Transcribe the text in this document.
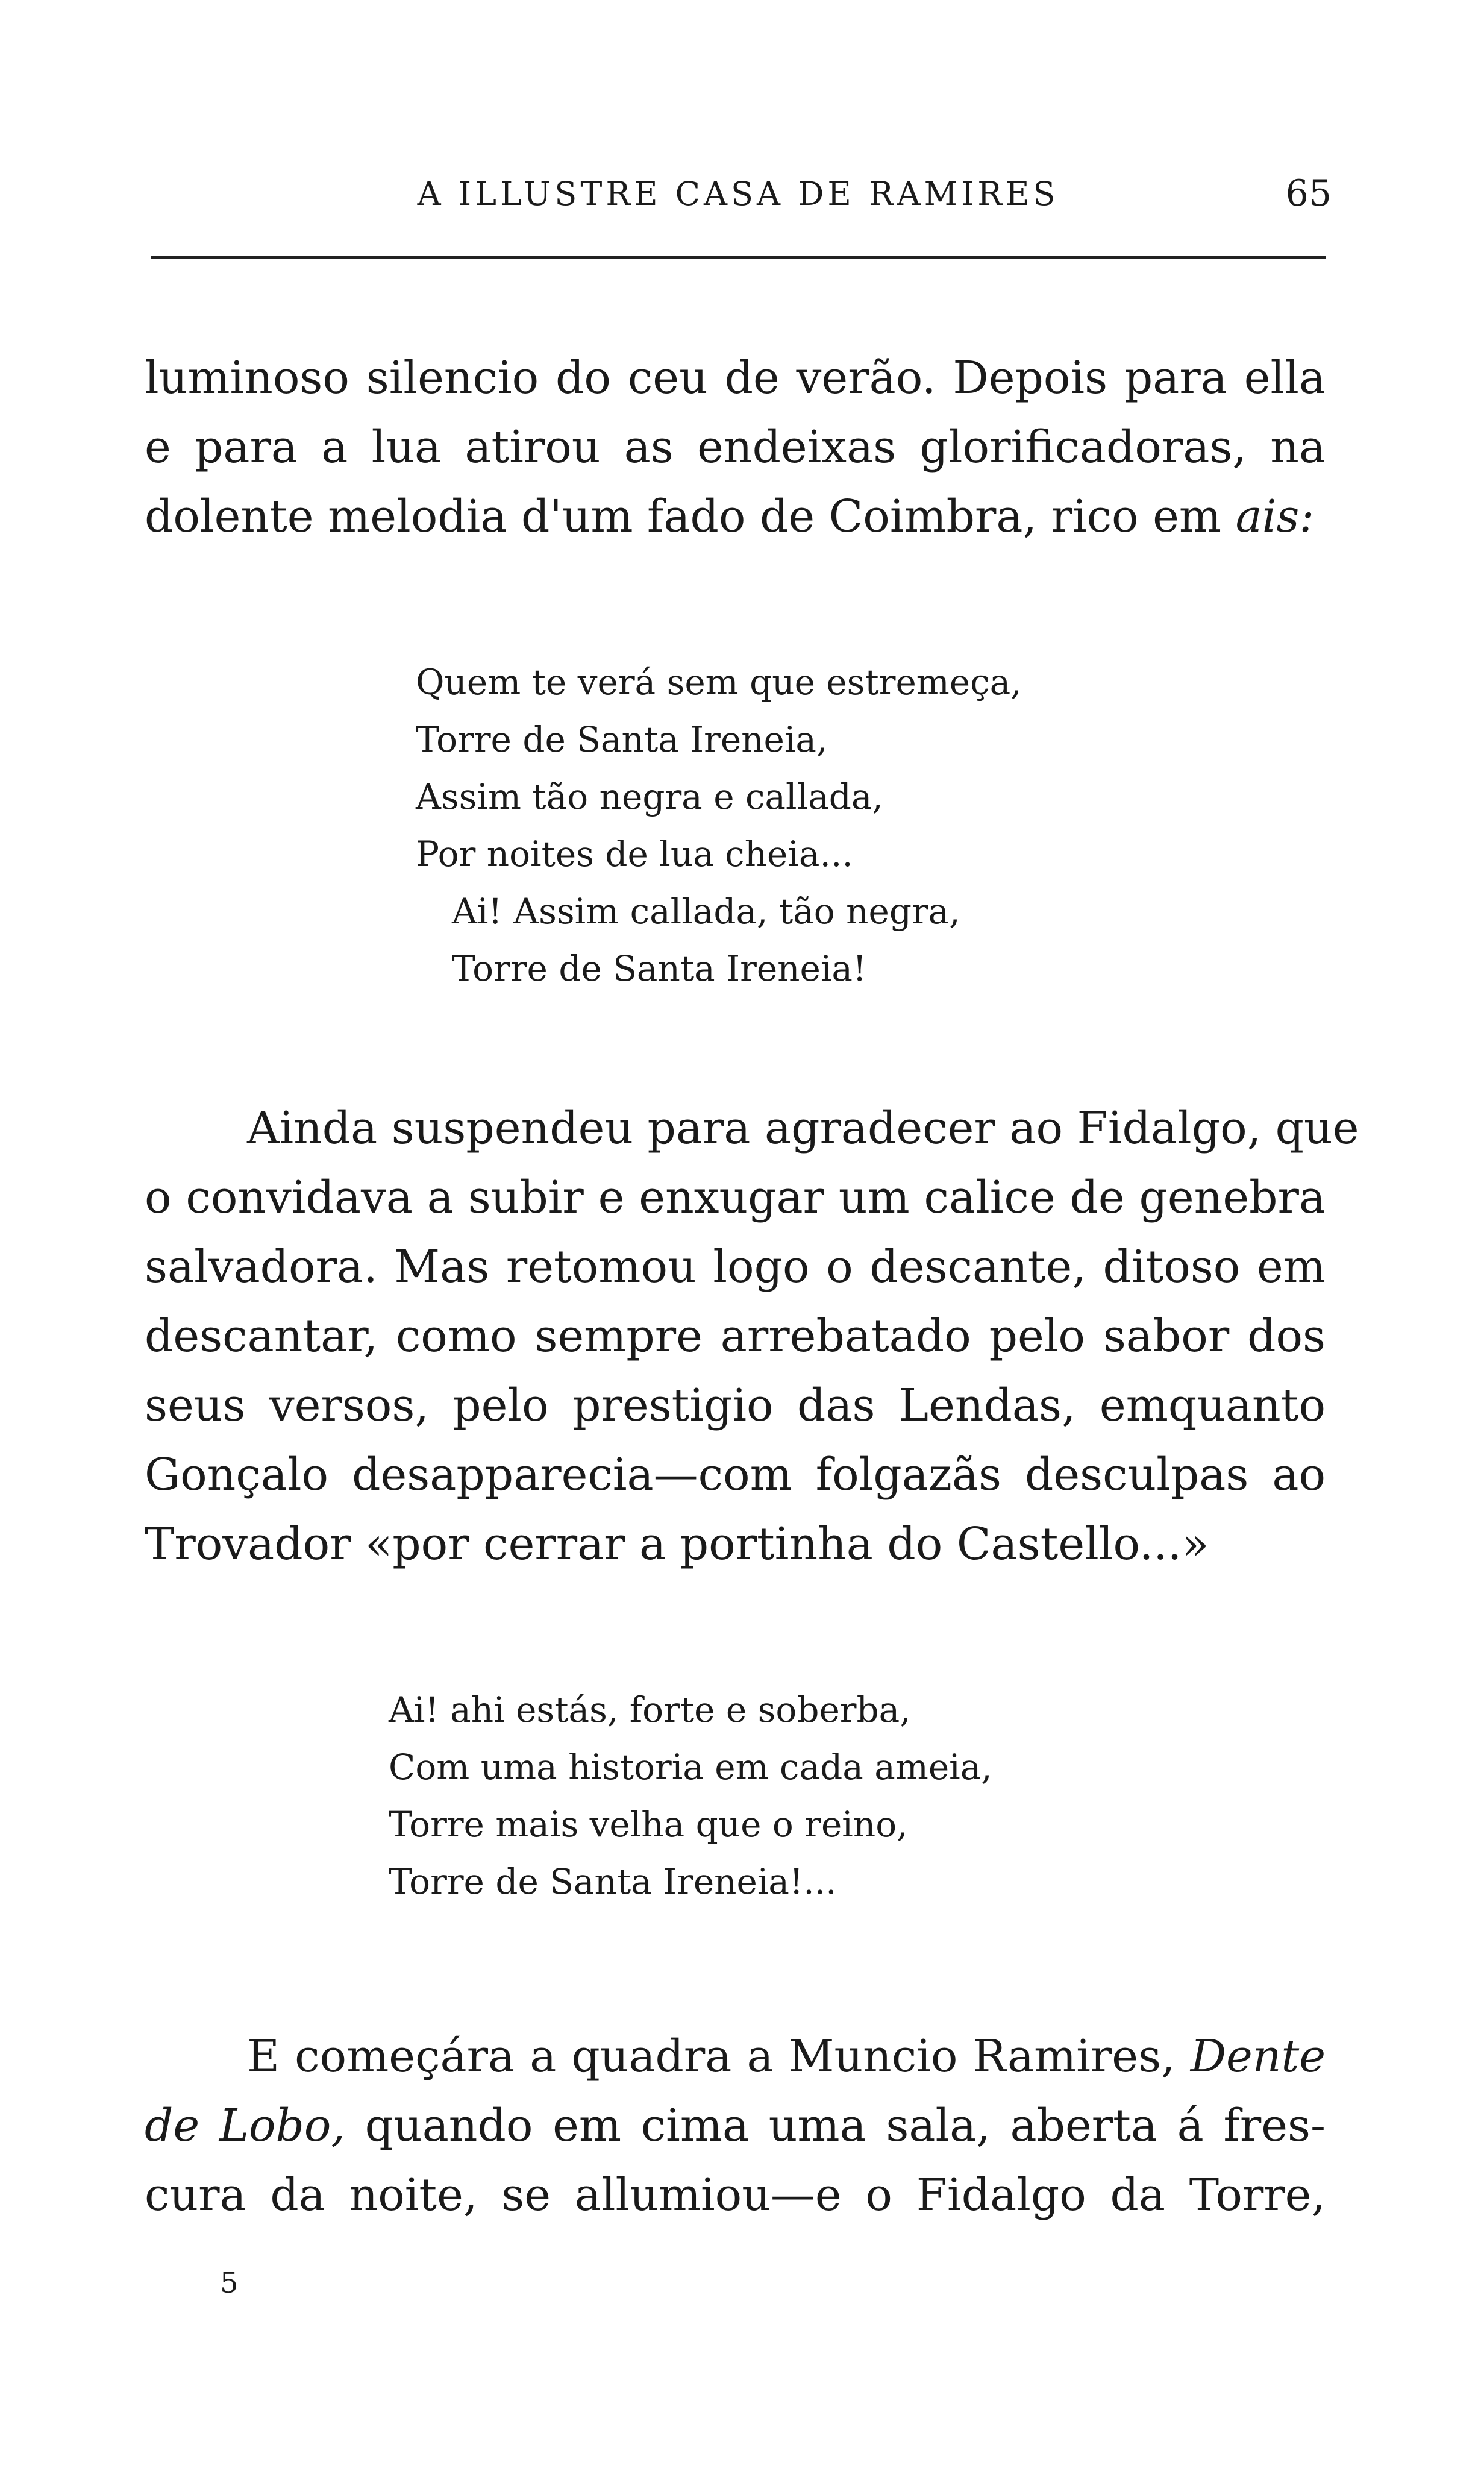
A ILLUSTRE CASA DE RAMIRES	65
luminoso silencio do ceu de verão. Depois para ella
e para a lua atirou as endeixas glorificadoras, na
dolente melodia d'um fado de Coimbra, rico em ais:
Quem te verá sem que estremeça,
Torre de Santa Ireneia,
Assim tão negra e callada,
Por noites de lua cheia...
Ai! Assim callada, tão negra,
Torre de Santa Ireneia!
Ainda suspendeu para agradecer ao Fidalgo, que
o convidava a subir e enxugar um calice de genebra
salvadora. Mas retomou logo o descante, ditoso em
descantar, como sempre arrebatado pelo sabor dos
seus versos, pelo prestigio das Lendas, emquanto
Gonçalo desapparecia—com folgazãs desculpas ao
Trovador «por cerrar a portinha do Castello...»
Ai! ahi estás, forte e soberba,
Com uma historia em cada ameia,
Torre mais velha que o reino,
Torre de Santa Ireneia!...
E começára a quadra a Muncio Ramires, Dente
de Lobo, quando em cima uma sala, aberta á fres-
cura da noite, se allumiou—e o Fidalgo da Torre,
5
